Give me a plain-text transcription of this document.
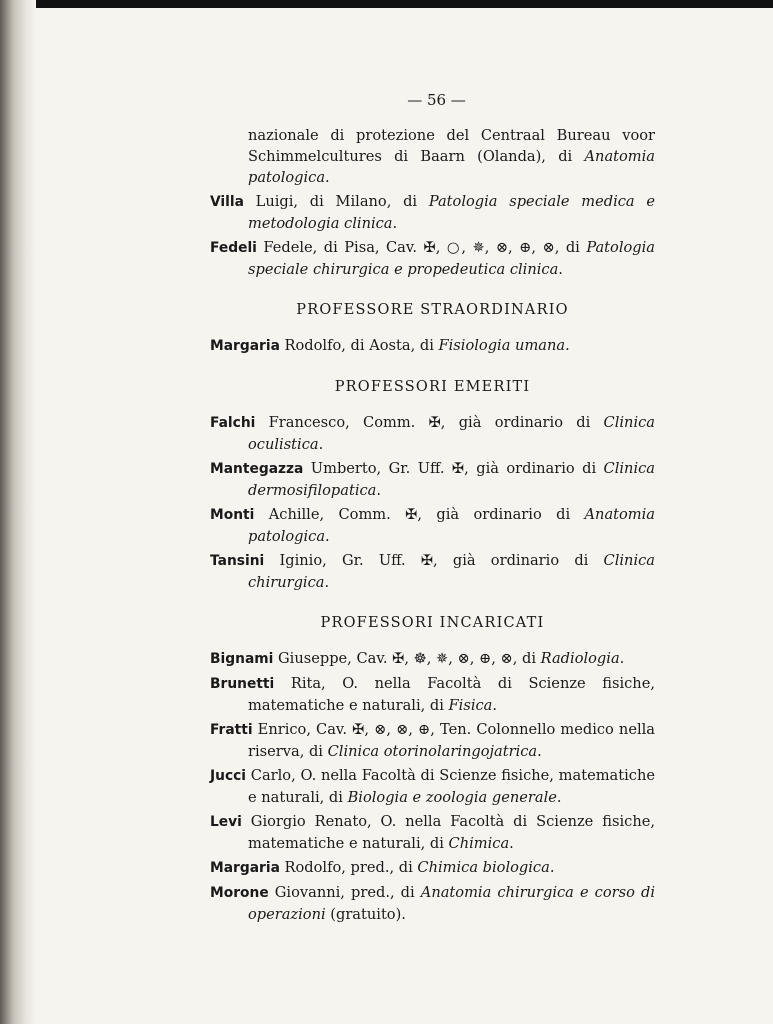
— 56 —
nazionale di protezione del Centraal Bureau voor Schimmelcultures di Baarn (Olanda), di Anatomia patologica.
Villa Luigi, di Milano, di Patologia speciale medica e metodologia clinica.
Fedeli Fedele, di Pisa, Cav. ✠, ○, ✵, ⊗, ⊕, ⊗, di Patologia speciale chirurgica e propedeutica clinica.
PROFESSORE STRAORDINARIO
Margaria Rodolfo, di Aosta, di Fisiologia umana.
PROFESSORI EMERITI
Falchi Francesco, Comm. ✠, già ordinario di Clinica oculistica.
Mantegazza Umberto, Gr. Uff. ✠, già ordinario di Clinica dermosifilopatica.
Monti Achille, Comm. ✠, già ordinario di Anatomia patologica.
Tansini Iginio, Gr. Uff. ✠, già ordinario di Clinica chirurgica.
PROFESSORI INCARICATI
Bignami Giuseppe, Cav. ✠, ☸, ✵, ⊗, ⊕, ⊗, di Radiologia.
Brunetti Rita, O. nella Facoltà di Scienze fisiche, matematiche e naturali, di Fisica.
Fratti Enrico, Cav. ✠, ⊗, ⊗, ⊕, Ten. Colonnello medico nella riserva, di Clinica otorinolaringojatrica.
Jucci Carlo, O. nella Facoltà di Scienze fisiche, matematiche e naturali, di Biologia e zoologia generale.
Levi Giorgio Renato, O. nella Facoltà di Scienze fisiche, matematiche e naturali, di Chimica.
Margaria Rodolfo, pred., di Chimica biologica.
Morone Giovanni, pred., di Anatomia chirurgica e corso di operazioni (gratuito).
